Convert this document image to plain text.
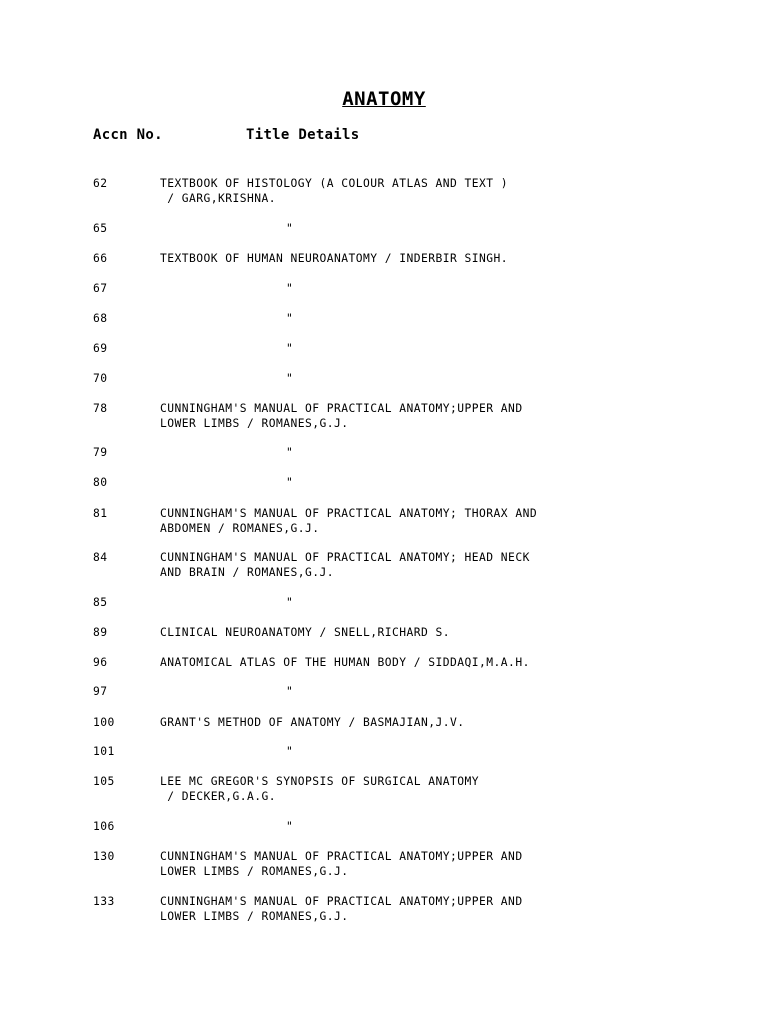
ANATOMY
Accn No.	Title Details

62

	TEXTBOOK OF HISTOLOGY (A COLOUR ATLAS AND TEXT )

/ GARG,KRISHNA.

65

	"

66

	TEXTBOOK OF HUMAN NEUROANATOMY / INDERBIR SINGH.

67

	"

68

	"

69

	"

70

	"

78

	CUNNINGHAM'S MANUAL OF PRACTICAL ANATOMY;UPPER AND

LOWER LIMBS / ROMANES,G.J.

79

	"

80

	"

81

	CUNNINGHAM'S MANUAL OF PRACTICAL ANATOMY; THORAX AND

ABDOMEN / ROMANES,G.J.

84

	CUNNINGHAM'S MANUAL OF PRACTICAL ANATOMY; HEAD NECK

AND BRAIN / ROMANES,G.J.

85

	"

89

	CLINICAL NEUROANATOMY / SNELL,RICHARD S.

96

	ANATOMICAL ATLAS OF THE HUMAN BODY / SIDDAQI,M.A.H.

97

	"

100

	GRANT'S METHOD OF ANATOMY / BASMAJIAN,J.V.

101

	"

105

	LEE MC GREGOR'S SYNOPSIS OF SURGICAL ANATOMY

/ DECKER,G.A.G.

106

	"

130

	CUNNINGHAM'S MANUAL OF PRACTICAL ANATOMY;UPPER AND

LOWER LIMBS / ROMANES,G.J.

133

	CUNNINGHAM'S MANUAL OF PRACTICAL ANATOMY;UPPER AND

LOWER LIMBS / ROMANES,G.J.
